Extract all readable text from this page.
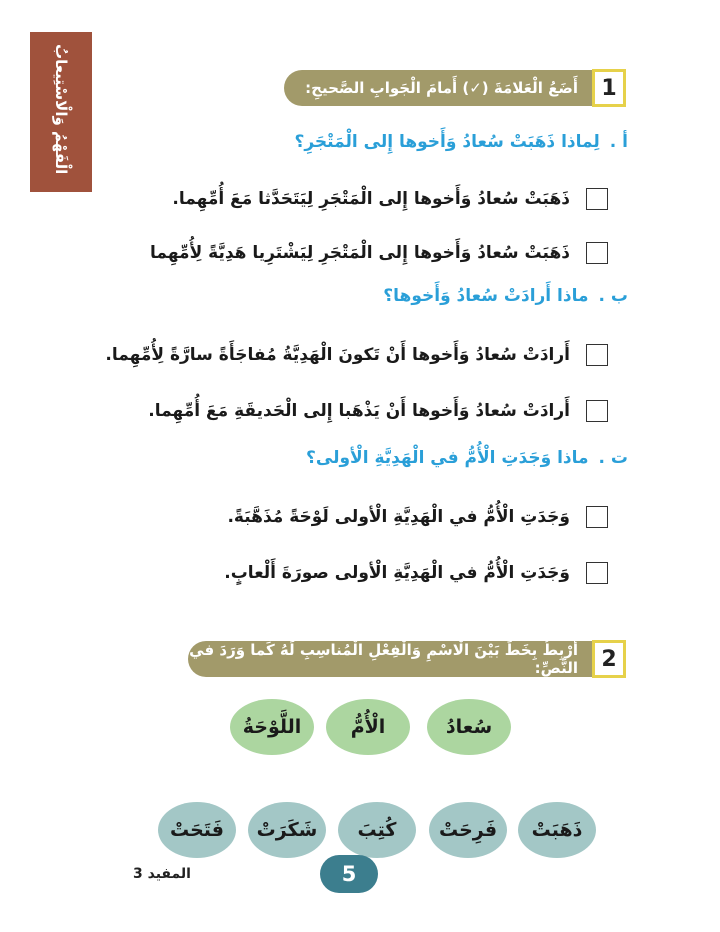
الْفَهْمُ وَالْاسْتِيعابُ	أَضَعُ الْعَلامَةَ (✓) أَمامَ الْجَوابِ الصَّحيحِ: 1
أ .لِماذا ذَهَبَتْ سُعادُ وَأَخوها إِلى الْمَتْجَرِ؟
ذَهَبَتْ سُعادُ وَأَخوها إِلى الْمَتْجَرِ لِيَتَحَدَّثا مَعَ أُمِّهِما.
ذَهَبَتْ سُعادُ وَأَخوها إِلى الْمَتْجَرِ لِيَشْتَرِيا هَدِيَّةً لِأُمِّهِما
ب .ماذا أَرادَتْ سُعادُ وَأَخوها؟
أَرادَتْ سُعادُ وَأَخوها أَنْ تَكونَ الْهَدِيَّةُ مُفاجَأَةً سارَّةً لِأُمِّهِما.
أَرادَتْ سُعادُ وَأَخوها أَنْ يَذْهَبا إِلى الْحَديقَةِ مَعَ أُمِّهِما.
ت .ماذا وَجَدَتِ الْأُمُّ في الْهَدِيَّةِ الْأولى؟
وَجَدَتِ الْأُمُّ في الْهَدِيَّةِ الْأولى لَوْحَةً مُذَهَّبَةً.
وَجَدَتِ الْأُمُّ في الْهَدِيَّةِ الْأولى صورَةَ أَلْعابٍ.
أَرْبِطُ بِخَطٍّ بَيْنَ الْاسْمِ وَالْفِعْلِ الْمُناسِبِ لَهُ كَما وَرَدَ في النَّصِّ: 2
سُعادُ
الْأُمُّ
اللَّوْحَةُ
ذَهَبَتْ
فَرِحَتْ
كُتِبَ
شَكَرَتْ
فَتَحَتْ
5
المفيد 3
